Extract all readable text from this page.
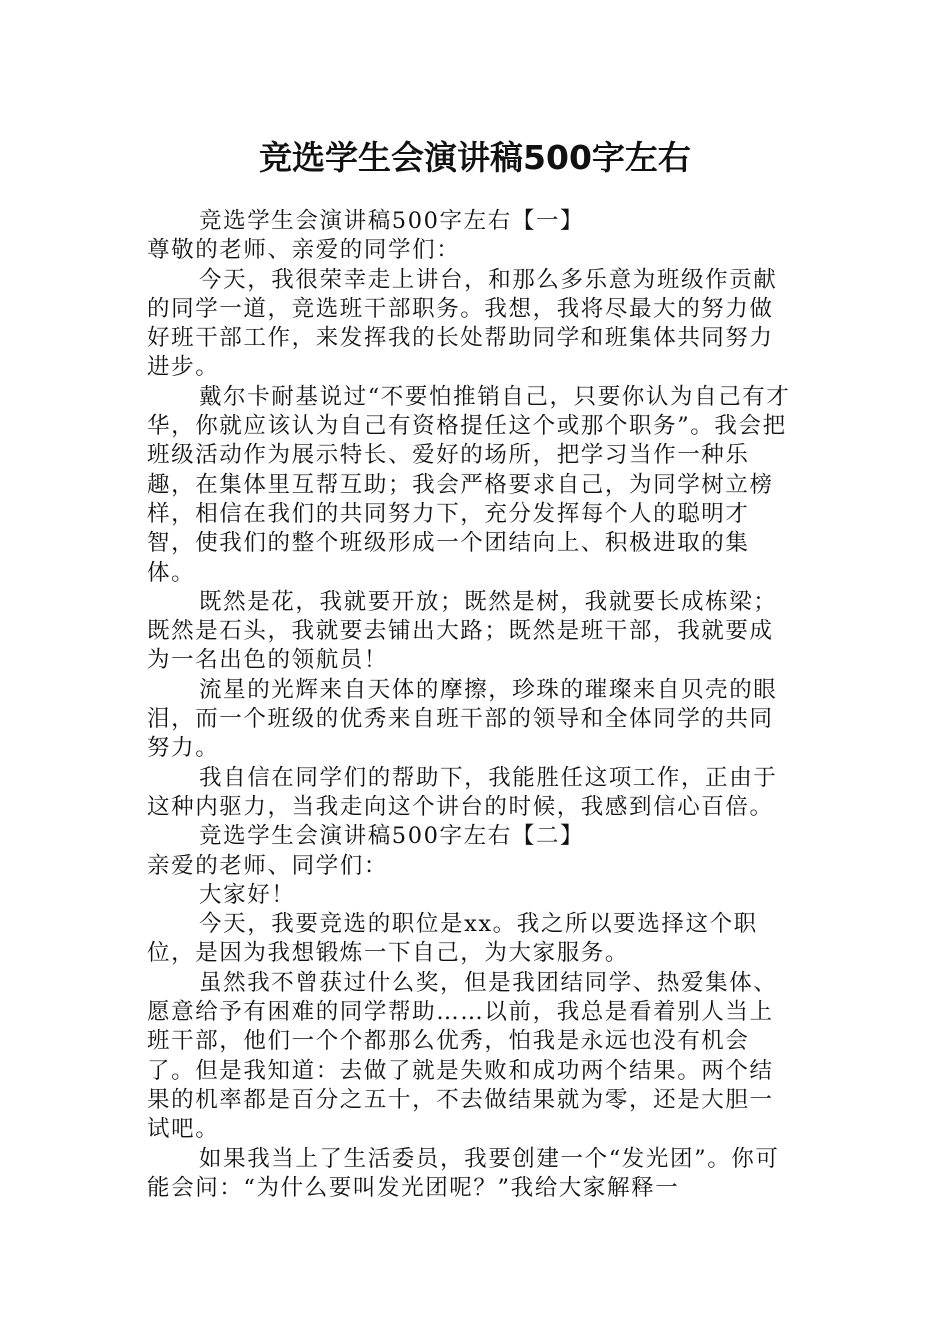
竞选学生会演讲稿500字左右

竞选学生会演讲稿500字左右【一】

尊敬的老师、亲爱的同学们：

今天，我很荣幸走上讲台，和那么多乐意为班级作贡献的同学一道，竞选班干部职务。我想，我将尽最大的努力做好班干部工作，来发挥我的长处帮助同学和班集体共同努力进步。

戴尔卡耐基说过“不要怕推销自己，只要你认为自己有才华，你就应该认为自己有资格提任这个或那个职务”。我会把班级活动作为展示特长、爱好的场所，把学习当作一种乐趣，在集体里互帮互助；我会严格要求自己，为同学树立榜样，相信在我们的共同努力下，充分发挥每个人的聪明才智，使我们的整个班级形成一个团结向上、积极进取的集体。

既然是花，我就要开放；既然是树，我就要长成栋梁；既然是石头，我就要去铺出大路；既然是班干部，我就要成为一名出色的领航员！

流星的光辉来自天体的摩擦，珍珠的璀璨来自贝壳的眼泪，而一个班级的优秀来自班干部的领导和全体同学的共同努力。

我自信在同学们的帮助下，我能胜任这项工作，正由于这种内驱力，当我走向这个讲台的时候，我感到信心百倍。

竞选学生会演讲稿500字左右【二】

亲爱的老师、同学们：

大家好！

今天，我要竞选的职位是xx。我之所以要选择这个职位，是因为我想锻炼一下自己，为大家服务。

虽然我不曾获过什么奖，但是我团结同学、热爱集体、愿意给予有困难的同学帮助……以前，我总是看着别人当上班干部，他们一个个都那么优秀，怕我是永远也没有机会了。但是我知道：去做了就是失败和成功两个结果。两个结果的机率都是百分之五十，不去做结果就为零，还是大胆一试吧。

如果我当上了生活委员，我要创建一个“发光团”。你可能会问：“为什么要叫发光团呢？”我给大家解释一
